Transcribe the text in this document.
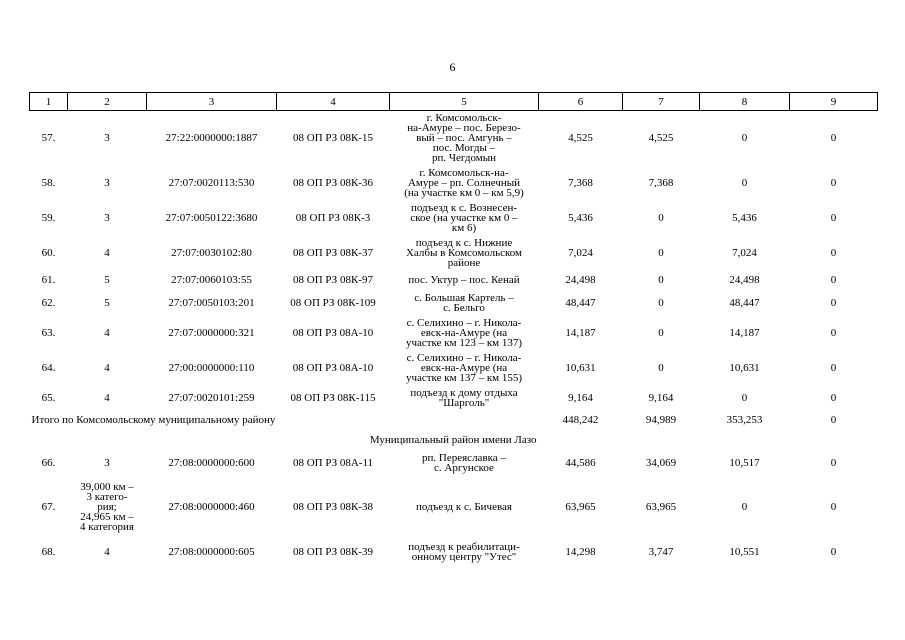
6
1	2	3	4	5	6	7	8	9
57.	3	27:22:0000000:1887	08 ОП РЗ 08К-15	г. Комсомольск-
на-Амуре – пос. Березо-
вый – пос. Амгунь –
пос. Могды –
рп. Чегдомын	4,525	4,525	0	0
58.	3	27:07:0020113:530	08 ОП РЗ 08К-36	г. Комсомольск-на-
Амуре – рп. Солнечный
(на участке км 0 – км 5,9)	7,368	7,368	0	0
59.	3	27:07:0050122:3680	08 ОП РЗ 08К-3	подъезд к с. Вознесен-
ское (на участке км 0 –
км 6)	5,436	0	5,436	0
60.	4	27:07:0030102:80	08 ОП РЗ 08К-37	подъезд к с. Нижние
Халбы в Комсомольском
районе	7,024	0	7,024	0
61.	5	27:07:0060103:55	08 ОП РЗ 08К-97	пос. Уктур – пос. Кенай	24,498	0	24,498	0
62.	5	27:07:0050103:201	08 ОП РЗ 08К-109	с. Большая Картель –
с. Бельго	48,447	0	48,447	0
63.	4	27:07:0000000:321	08 ОП РЗ 08А-10	с. Селихино – г. Никола-
евск-на-Амуре (на
участке км 123 – км 137)	14,187	0	14,187	0
64.	4	27:00:0000000:110	08 ОП РЗ 08А-10	с. Селихино – г. Никола-
евск-на-Амуре (на
участке км 137 – км 155)	10,631	0	10,631	0
65.	4	27:07:0020101:259	08 ОП РЗ 08К-115	подъезд к дому отдыха
"Шарголь"	9,164	9,164	0	0
Итого по Комсомольскому муниципальному району					448,242	94,989	353,253	0
Муниципальный район имени Лазо								
66.	3	27:08:0000000:600	08 ОП РЗ 08А-11	рп. Переяславка –
с. Аргунское	44,586	34,069	10,517	0
67.	39,000 км –
3 катего-
рия;
24,965 км –
4 категория	27:08:0000000:460	08 ОП РЗ 08К-38	подъезд к с. Бичевая	63,965	63,965	0	0
68.	4	27:08:0000000:605	08 ОП РЗ 08К-39	подъезд к реабилитаци-
онному центру "Утес"	14,298	3,747	10,551	0
